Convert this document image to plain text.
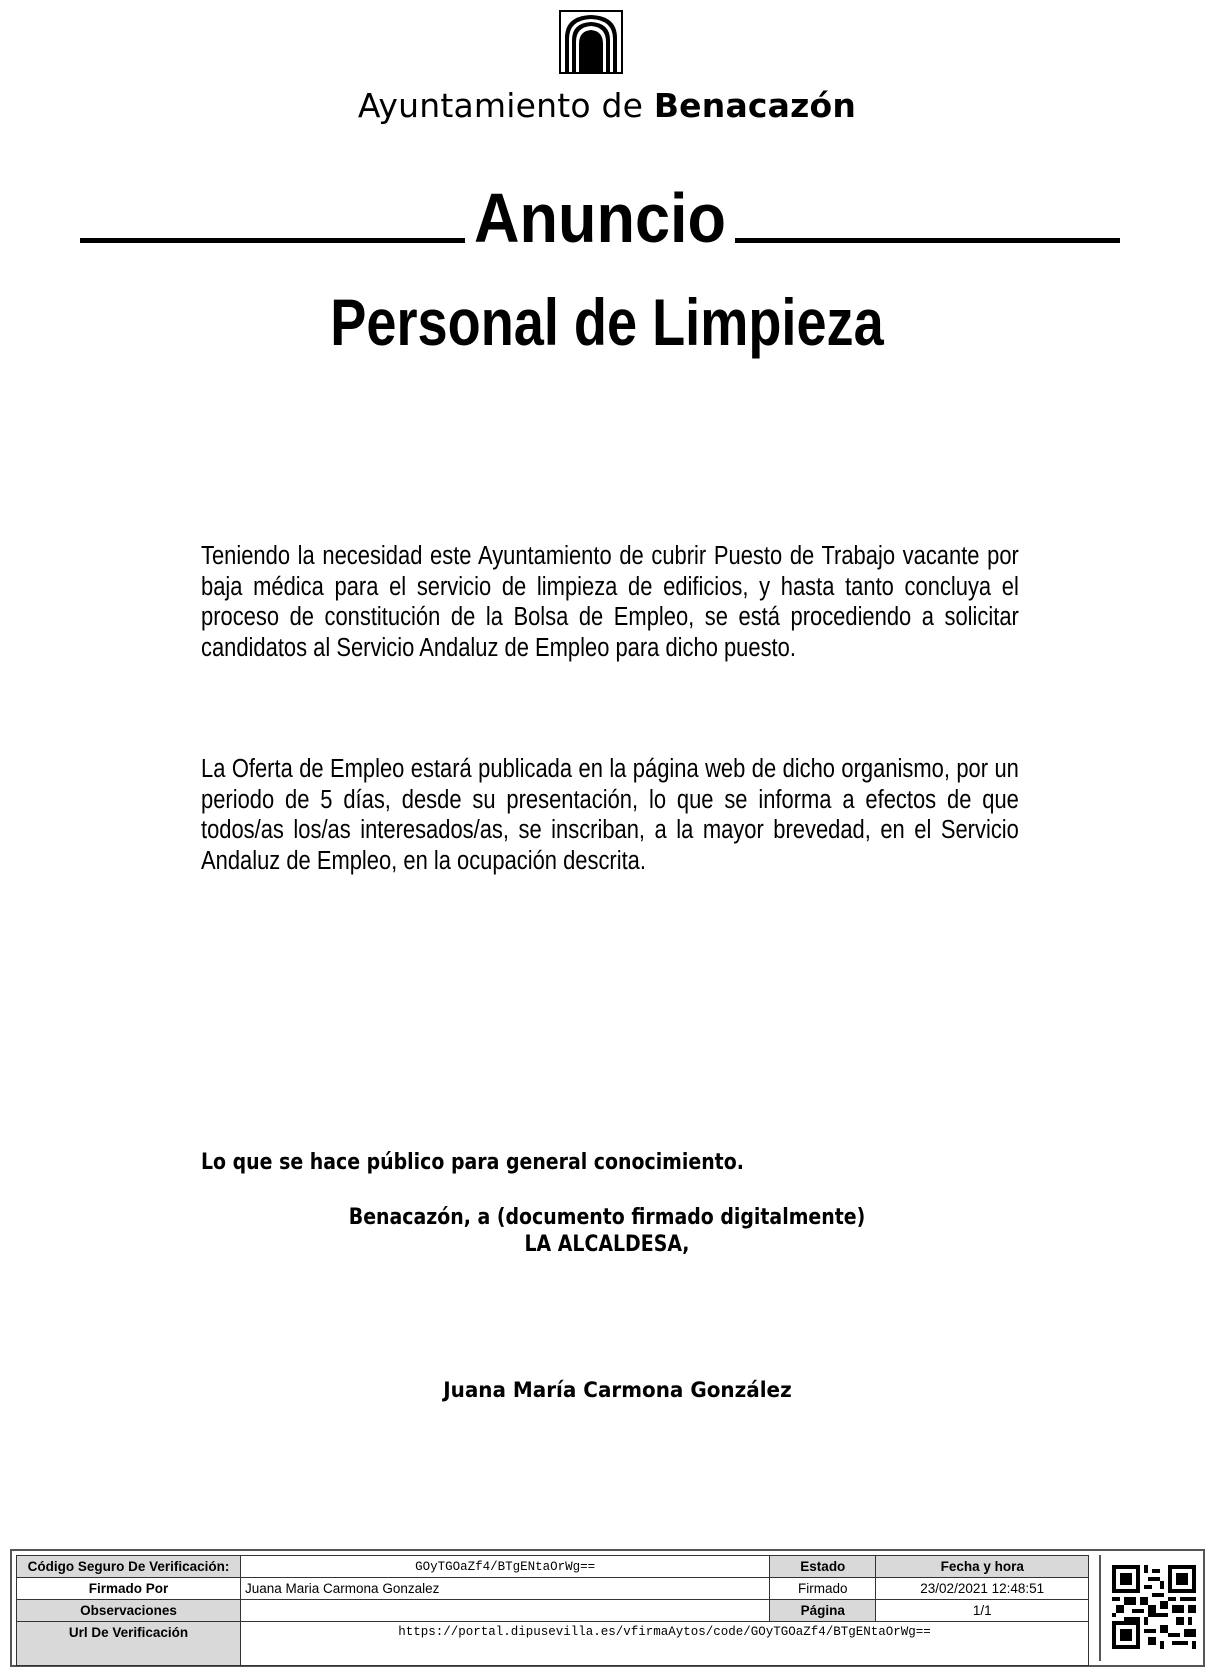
Ayuntamiento de Benacazón
Anuncio
Personal de Limpieza
Teniendo la necesidad este Ayuntamiento de cubrir Puesto de Trabajo vacante por baja médica para el servicio de limpieza de edificios, y hasta tanto concluya el proceso de constitución de la Bolsa de Empleo, se está procediendo a solicitar candidatos al Servicio Andaluz de Empleo para dicho puesto.
La Oferta de Empleo estará publicada en la página web de dicho organismo, por un periodo de 5 días, desde su presentación, lo que se informa a efectos de que todos/as los/as interesados/as, se inscriban, a la mayor brevedad, en el Servicio Andaluz de Empleo, en la ocupación descrita.
Lo que se hace público para general conocimiento.
Benacazón, a (documento firmado digitalmente)
LA ALCALDESA,
Juana María Carmona González
Código Seguro De Verificación:	GOyTGOaZf4/BTgENtaOrWg==	Estado	Fecha y hora
Firmado Por	Juana Maria Carmona Gonzalez	Firmado	23/02/2021 12:48:51
Observaciones		Página	1/1
Url De Verificación	https://portal.dipusevilla.es/vfirmaAytos/code/GOyTGOaZf4/BTgENtaOrWg==		
